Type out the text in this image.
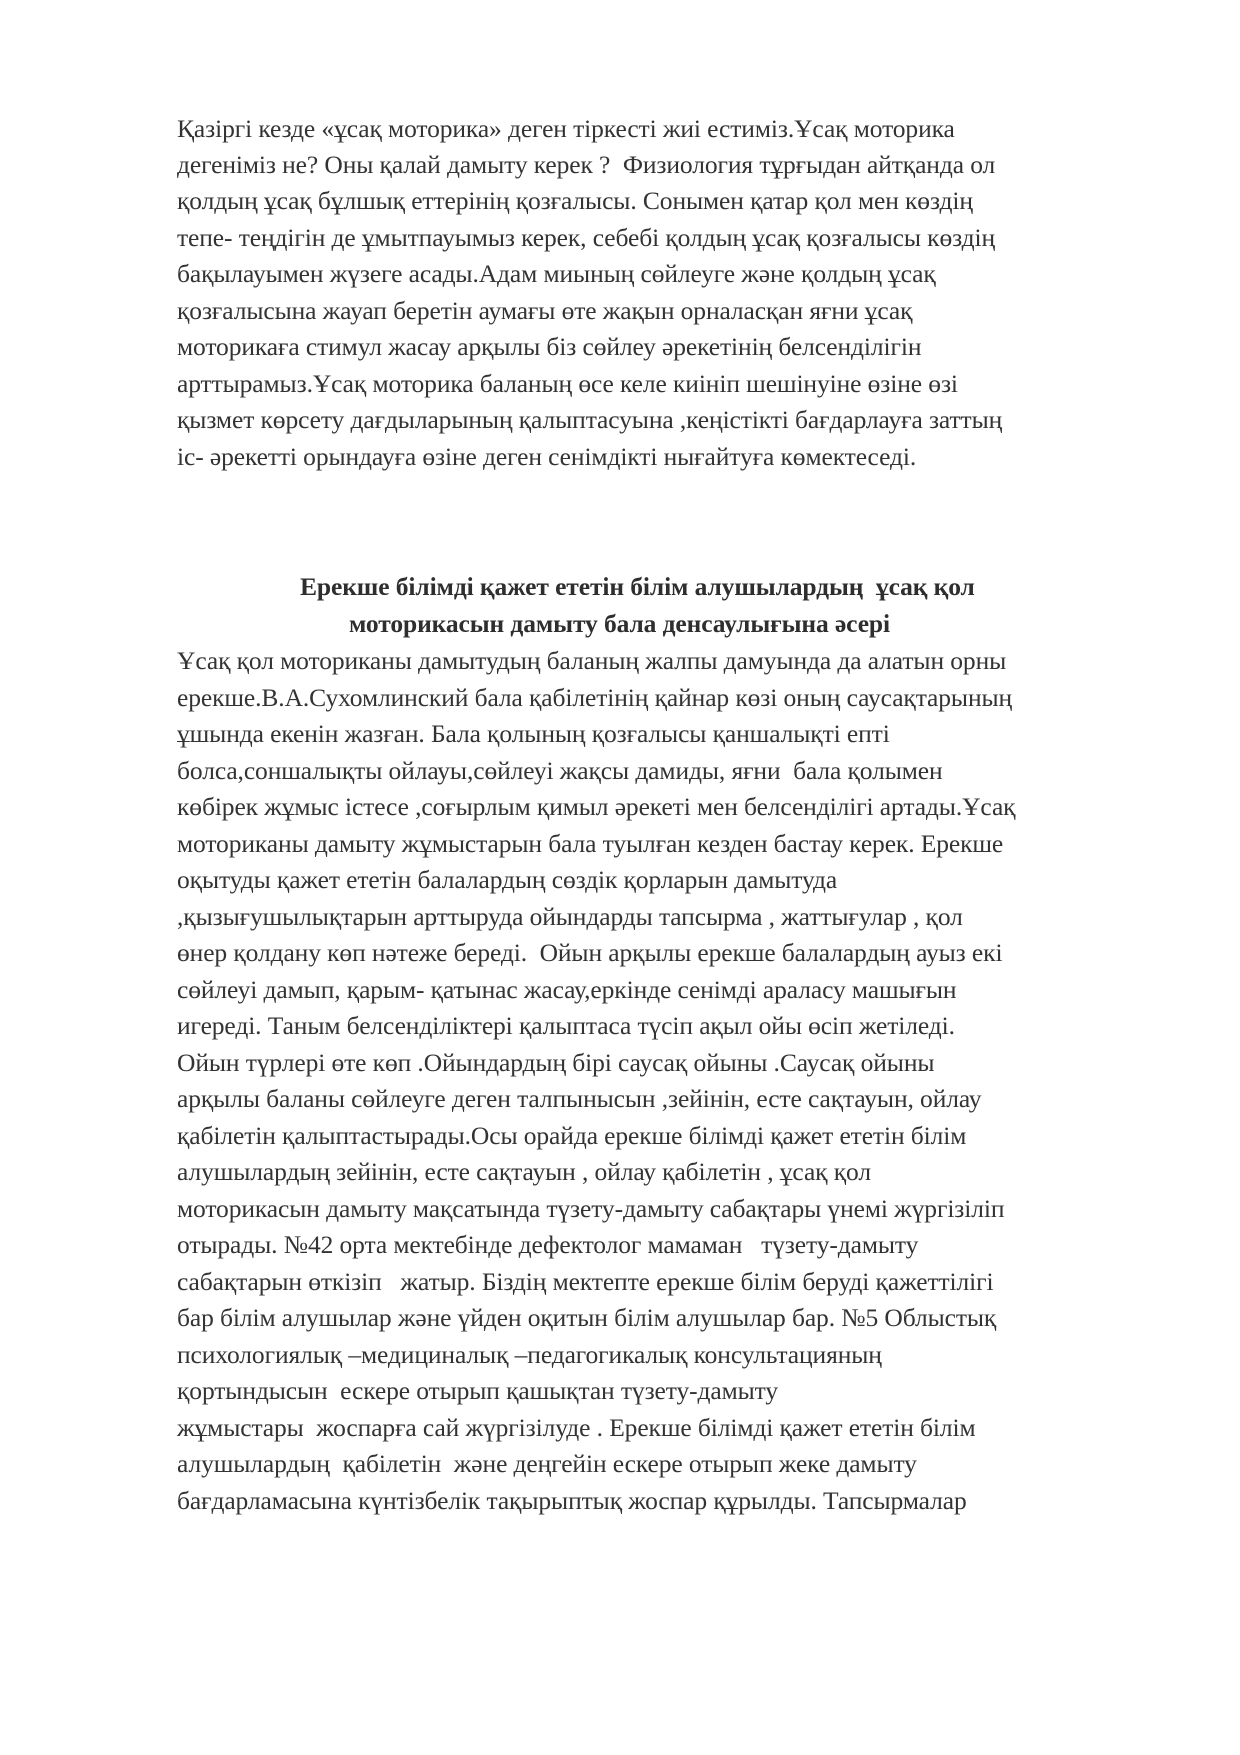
Қазіргі кезде «ұсақ моторика» деген тіркесті жиі естиміз.Ұсақ моторика
дегеніміз не? Оны қалай дамыту керек ?  Физиология тұрғыдан айтқанда ол
қолдың ұсақ бұлшық еттерінің қозғалысы. Сонымен қатар қол мен көздің
тепе- теңдігін де ұмытпауымыз керек, себебі қолдың ұсақ қозғалысы көздің
бақылауымен жүзеге асады.Адам миының сөйлеуге және қолдың ұсақ
қозғалысына жауап беретін аумағы өте жақын орналасқан яғни ұсақ
моторикаға стимул жасау арқылы біз сөйлеу әрекетінің белсенділігін
арттырамыз.Ұсақ моторика баланың өсе келе киініп шешінуіне өзіне өзі
қызмет көрсету дағдыларының қалыптасуына ,кеңістікті бағдарлауға заттың
іс- әрекетті орындауға өзіне деген сенімдікті нығайтуға көмектеседі.
Ерекше білімді қажет ететін білім алушылардың  ұсақ қол
моторикасын дамыту бала денсаулығына әсері
Ұсақ қол моториканы дамытудың баланың жалпы дамуында да алатын орны
ерекше.В.А.Сухомлинский бала қабілетінің қайнар көзі оның саусақтарының
ұшында екенін жазған. Бала қолының қозғалысы қаншалықті епті
болса,соншалықты ойлауы,сөйлеуі жақсы дамиды, яғни  бала қолымен
көбірек жұмыс істесе ,соғырлым қимыл әрекеті мен белсенділігі артады.Ұсақ
моториканы дамыту жұмыстарын бала туылған кезден бастау керек. Ерекше
оқытуды қажет ететін балалардың сөздік қорларын дамытуда
,қызығушылықтарын арттыруда ойындарды тапсырма , жаттығулар , қол
өнер қолдану көп нәтеже береді.  Ойын арқылы ерекше балалардың ауыз екі
сөйлеуі дамып, қарым- қатынас жасау,еркінде сенімді араласу машығын
игереді. Таным белсенділіктері қалыптаса түсіп ақыл ойы өсіп жетіледі.
Ойын түрлері өте көп .Ойындардың бірі саусақ ойыны .Саусақ ойыны
арқылы баланы сөйлеуге деген талпынысын ,зейінін, есте сақтауын, ойлау
қабілетін қалыптастырады.Осы орайда ерекше білімді қажет ететін білім
алушылардың зейінін, есте сақтауын , ойлау қабілетін , ұсақ қол
моторикасын дамыту мақсатында түзету-дамыту сабақтары үнемі жүргізіліп
отырады. №42 орта мектебінде дефектолог мамаман   түзету-дамыту
сабақтарын өткізіп   жатыр. Біздің мектепте ерекше білім беруді қажеттілігі
бар білім алушылар және үйден оқитын білім алушылар бар. №5 Облыстық
психологиялық –медициналық –педагогикалық консультацияның
қортындысын  ескере отырып қашықтан түзету-дамыту
жұмыстары  жоспарға сай жүргізілуде . Ерекше білімді қажет ететін білім
алушылардың  қабілетін  және деңгейін ескере отырып жеке дамыту
бағдарламасына күнтізбелік тақырыптық жоспар құрылды. Тапсырмалар
